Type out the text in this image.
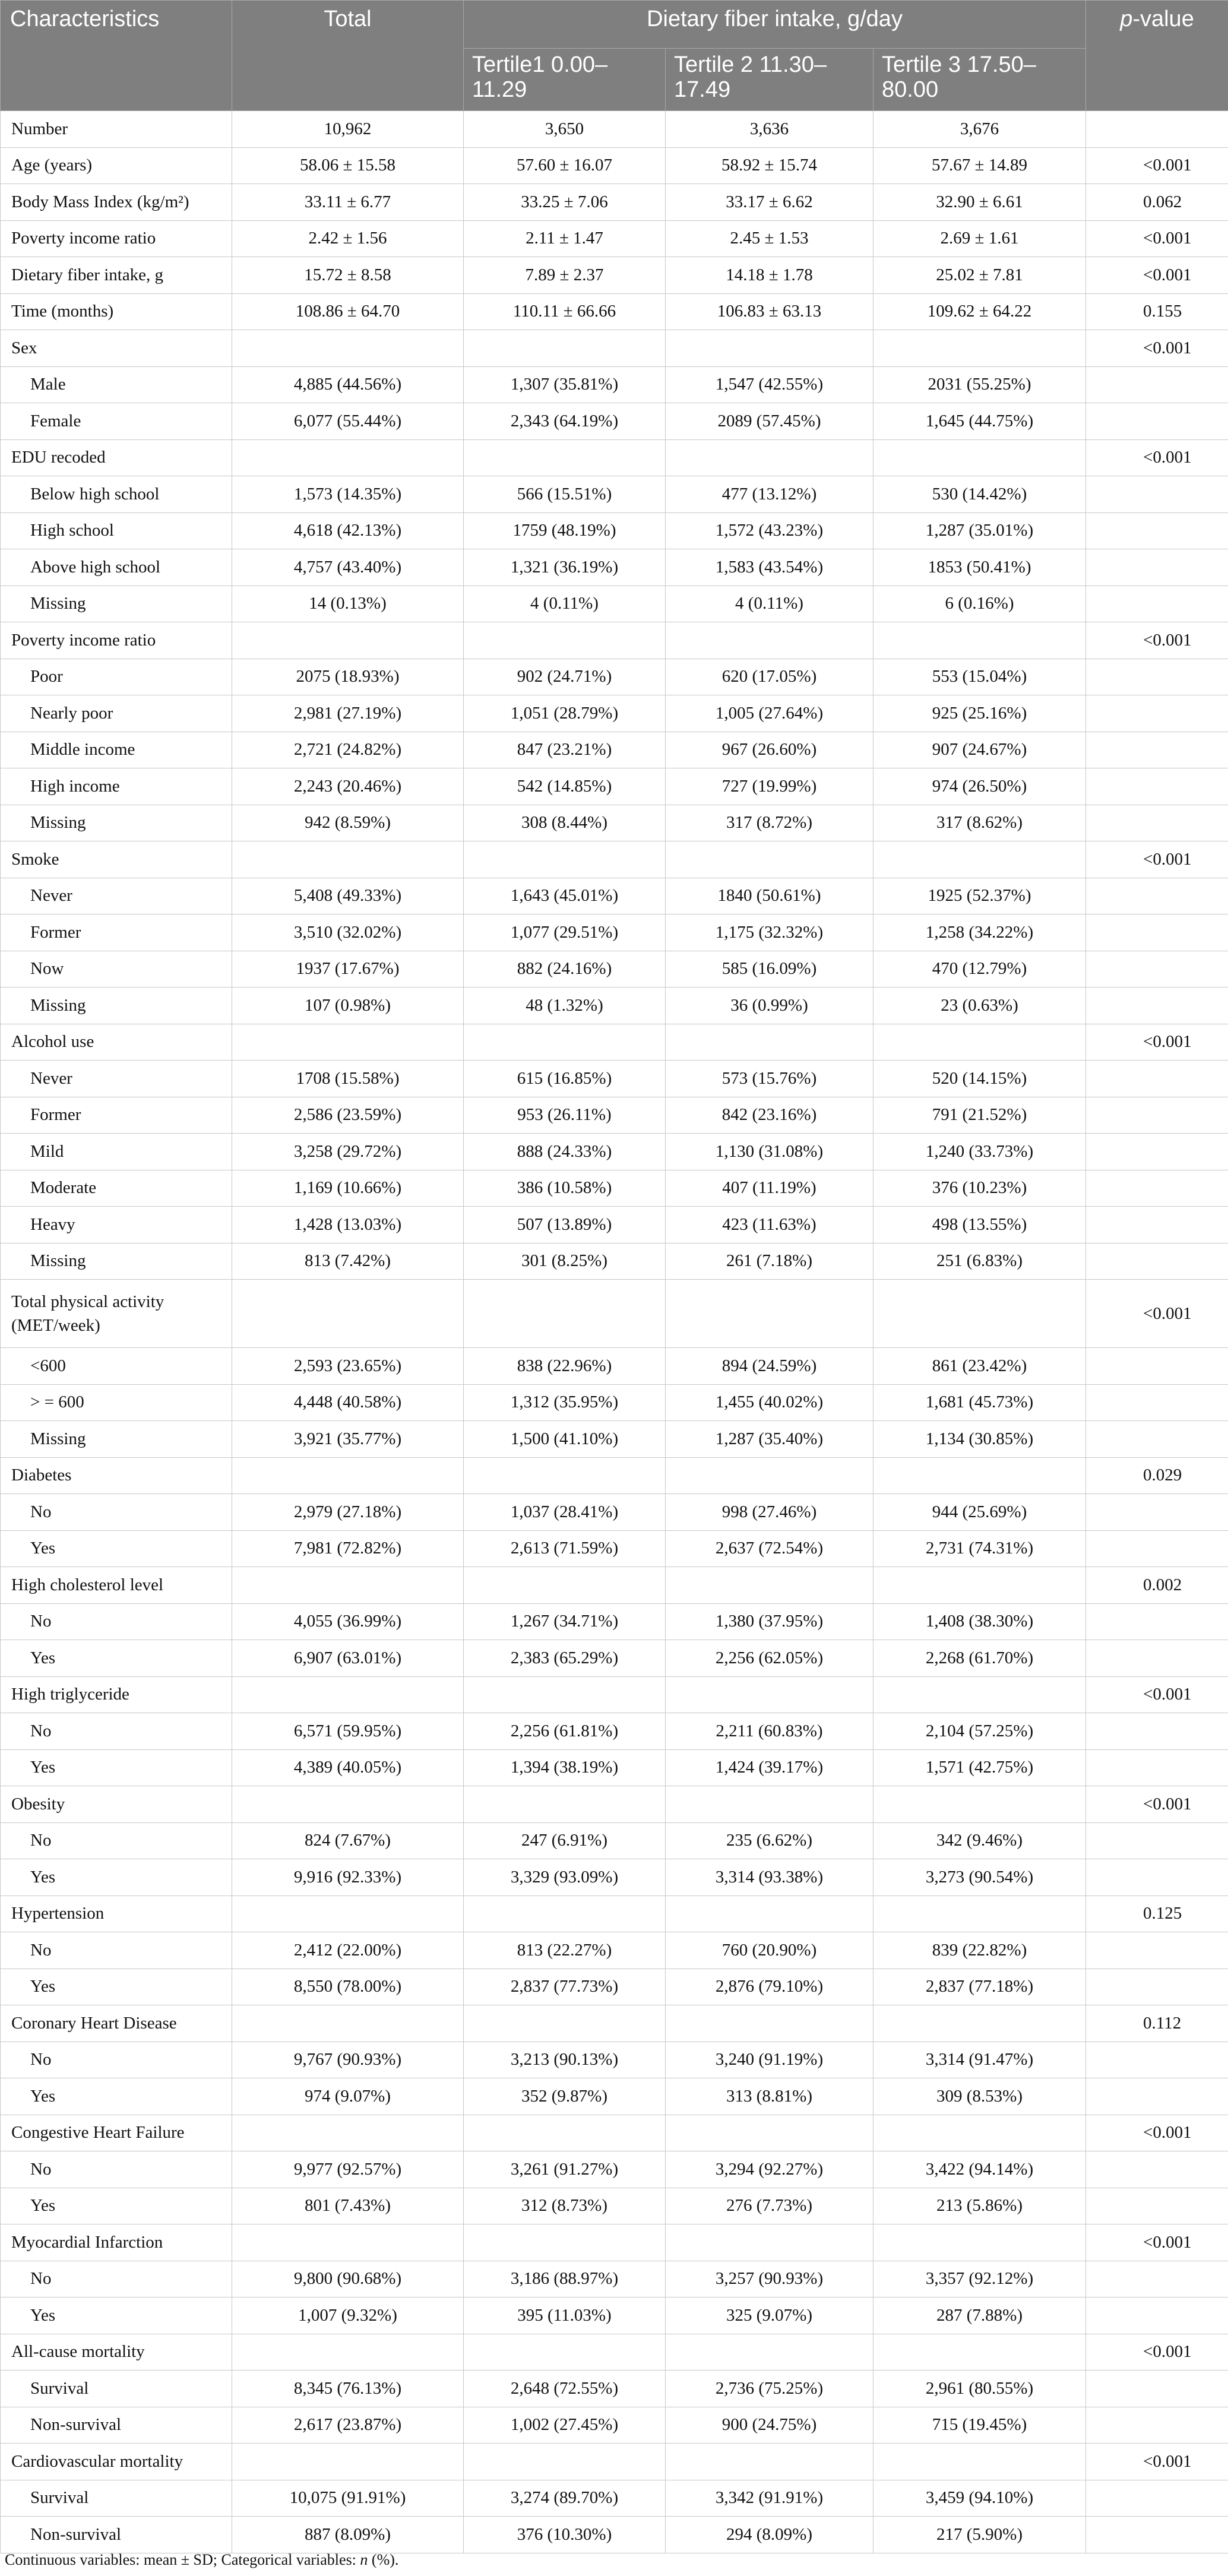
Characteristics	Total	Dietary fiber intake, g/day			p-value
		Tertile1 0.00–11.29	Tertile 2 11.30–17.49	Tertile 3 17.50–80.00	
Number	10,962	3,650	3,636	3,676	
Age (years)	58.06 ± 15.58	57.60 ± 16.07	58.92 ± 15.74	57.67 ± 14.89	<0.001
Body Mass Index (kg/m²)	33.11 ± 6.77	33.25 ± 7.06	33.17 ± 6.62	32.90 ± 6.61	0.062
Poverty income ratio	2.42 ± 1.56	2.11 ± 1.47	2.45 ± 1.53	2.69 ± 1.61	<0.001
Dietary fiber intake, g	15.72 ± 8.58	7.89 ± 2.37	14.18 ± 1.78	25.02 ± 7.81	<0.001
Time (months)	108.86 ± 64.70	110.11 ± 66.66	106.83 ± 63.13	109.62 ± 64.22	0.155
Sex					<0.001
Male	4,885 (44.56%)	1,307 (35.81%)	1,547 (42.55%)	2031 (55.25%)	
Female	6,077 (55.44%)	2,343 (64.19%)	2089 (57.45%)	1,645 (44.75%)	
EDU recoded					<0.001
Below high school	1,573 (14.35%)	566 (15.51%)	477 (13.12%)	530 (14.42%)	
High school	4,618 (42.13%)	1759 (48.19%)	1,572 (43.23%)	1,287 (35.01%)	
Above high school	4,757 (43.40%)	1,321 (36.19%)	1,583 (43.54%)	1853 (50.41%)	
Missing	14 (0.13%)	4 (0.11%)	4 (0.11%)	6 (0.16%)	
Poverty income ratio					<0.001
Poor	2075 (18.93%)	902 (24.71%)	620 (17.05%)	553 (15.04%)	
Nearly poor	2,981 (27.19%)	1,051 (28.79%)	1,005 (27.64%)	925 (25.16%)	
Middle income	2,721 (24.82%)	847 (23.21%)	967 (26.60%)	907 (24.67%)	
High income	2,243 (20.46%)	542 (14.85%)	727 (19.99%)	974 (26.50%)	
Missing	942 (8.59%)	308 (8.44%)	317 (8.72%)	317 (8.62%)	
Smoke					<0.001
Never	5,408 (49.33%)	1,643 (45.01%)	1840 (50.61%)	1925 (52.37%)	
Former	3,510 (32.02%)	1,077 (29.51%)	1,175 (32.32%)	1,258 (34.22%)	
Now	1937 (17.67%)	882 (24.16%)	585 (16.09%)	470 (12.79%)	
Missing	107 (0.98%)	48 (1.32%)	36 (0.99%)	23 (0.63%)	
Alcohol use					<0.001
Never	1708 (15.58%)	615 (16.85%)	573 (15.76%)	520 (14.15%)	
Former	2,586 (23.59%)	953 (26.11%)	842 (23.16%)	791 (21.52%)	
Mild	3,258 (29.72%)	888 (24.33%)	1,130 (31.08%)	1,240 (33.73%)	
Moderate	1,169 (10.66%)	386 (10.58%)	407 (11.19%)	376 (10.23%)	
Heavy	1,428 (13.03%)	507 (13.89%)	423 (11.63%)	498 (13.55%)	
Missing	813 (7.42%)	301 (8.25%)	261 (7.18%)	251 (6.83%)	
Total physical activity (MET/week)					<0.001
<600	2,593 (23.65%)	838 (22.96%)	894 (24.59%)	861 (23.42%)	
> = 600	4,448 (40.58%)	1,312 (35.95%)	1,455 (40.02%)	1,681 (45.73%)	
Missing	3,921 (35.77%)	1,500 (41.10%)	1,287 (35.40%)	1,134 (30.85%)	
Diabetes					0.029
No	2,979 (27.18%)	1,037 (28.41%)	998 (27.46%)	944 (25.69%)	
Yes	7,981 (72.82%)	2,613 (71.59%)	2,637 (72.54%)	2,731 (74.31%)	
High cholesterol level					0.002
No	4,055 (36.99%)	1,267 (34.71%)	1,380 (37.95%)	1,408 (38.30%)	
Yes	6,907 (63.01%)	2,383 (65.29%)	2,256 (62.05%)	2,268 (61.70%)	
High triglyceride					<0.001
No	6,571 (59.95%)	2,256 (61.81%)	2,211 (60.83%)	2,104 (57.25%)	
Yes	4,389 (40.05%)	1,394 (38.19%)	1,424 (39.17%)	1,571 (42.75%)	
Obesity					<0.001
No	824 (7.67%)	247 (6.91%)	235 (6.62%)	342 (9.46%)	
Yes	9,916 (92.33%)	3,329 (93.09%)	3,314 (93.38%)	3,273 (90.54%)	
Hypertension					0.125
No	2,412 (22.00%)	813 (22.27%)	760 (20.90%)	839 (22.82%)	
Yes	8,550 (78.00%)	2,837 (77.73%)	2,876 (79.10%)	2,837 (77.18%)	
Coronary Heart Disease					0.112
No	9,767 (90.93%)	3,213 (90.13%)	3,240 (91.19%)	3,314 (91.47%)	
Yes	974 (9.07%)	352 (9.87%)	313 (8.81%)	309 (8.53%)	
Congestive Heart Failure					<0.001
No	9,977 (92.57%)	3,261 (91.27%)	3,294 (92.27%)	3,422 (94.14%)	
Yes	801 (7.43%)	312 (8.73%)	276 (7.73%)	213 (5.86%)	
Myocardial Infarction					<0.001
No	9,800 (90.68%)	3,186 (88.97%)	3,257 (90.93%)	3,357 (92.12%)	
Yes	1,007 (9.32%)	395 (11.03%)	325 (9.07%)	287 (7.88%)	
All-cause mortality					<0.001
Survival	8,345 (76.13%)	2,648 (72.55%)	2,736 (75.25%)	2,961 (80.55%)	
Non-survival	2,617 (23.87%)	1,002 (27.45%)	900 (24.75%)	715 (19.45%)	
Cardiovascular mortality					<0.001
Survival	10,075 (91.91%)	3,274 (89.70%)	3,342 (91.91%)	3,459 (94.10%)	
Non-survival	887 (8.09%)	376 (10.30%)	294 (8.09%)	217 (5.90%)	
Continuous variables: mean ± SD; Categorical variables: n (%).
